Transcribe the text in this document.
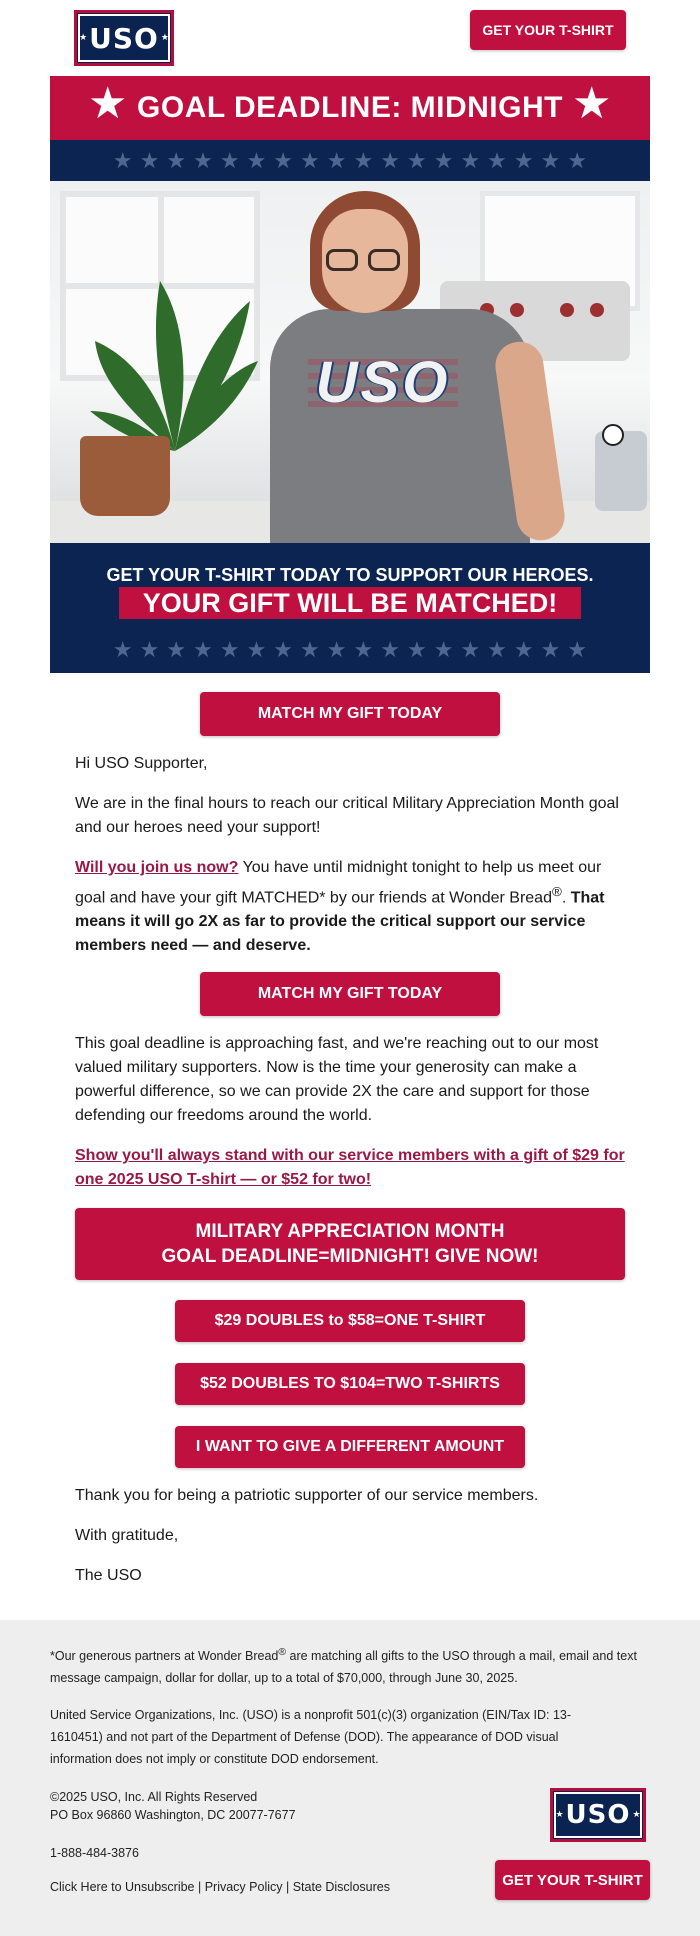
★ USO ★	GET YOUR T-SHIRT
★ GOAL DEADLINE: MIDNIGHT ★
★ ★ ★ ★ ★ ★ ★ ★ ★ ★ ★ ★ ★ ★ ★ ★ ★ ★
USO
GET YOUR T-SHIRT TODAY TO SUPPORT OUR HEROES.
YOUR GIFT WILL BE MATCHED!
★ ★ ★ ★ ★ ★ ★ ★ ★ ★ ★ ★ ★ ★ ★ ★ ★ ★
MATCH MY GIFT TODAY

Hi USO Supporter,

We are in the final hours to reach our critical Military Appreciation Month goal and our heroes need your support!

Will you join us now? You have until midnight tonight to help us meet our goal and have your gift MATCHED* by our friends at Wonder Bread®. That means it will go 2X as far to provide the critical support our service members need — and deserve.

MATCH MY GIFT TODAY

This goal deadline is approaching fast, and we're reaching out to our most valued military supporters. Now is the time your generosity can make a powerful difference, so we can provide 2X the care and support for those defending our freedoms around the world.

Show you'll always stand with our service members with a gift of $29 for one 2025 USO T-shirt — or $52 for two!

MILITARY APPRECIATION MONTH
GOAL DEADLINE=MIDNIGHT! GIVE NOW!
$29 DOUBLES to $58=ONE T-SHIRT
$52 DOUBLES TO $104=TWO T-SHIRTS
I WANT TO GIVE A DIFFERENT AMOUNT

Thank you for being a patriotic supporter of our service members.

With gratitude,

The USO

*Our generous partners at Wonder Bread® are matching all gifts to the USO through a mail, email and text message campaign, dollar for dollar, up to a total of $70,000, through June 30, 2025.

United Service Organizations, Inc. (USO) is a nonprofit 501(c)(3) organization (EIN/Tax ID: 13-1610451) and not part of the Department of Defense (DOD). The appearance of DOD visual information does not imply or constitute DOD endorsement.

©2025 USO, Inc. All Rights Reserved
PO Box 96860 Washington, DC 20077-7677

1-888-484-3876

Click Here to Unsubscribe | Privacy Policy | State Disclosures

★ USO ★
GET YOUR T-SHIRT
